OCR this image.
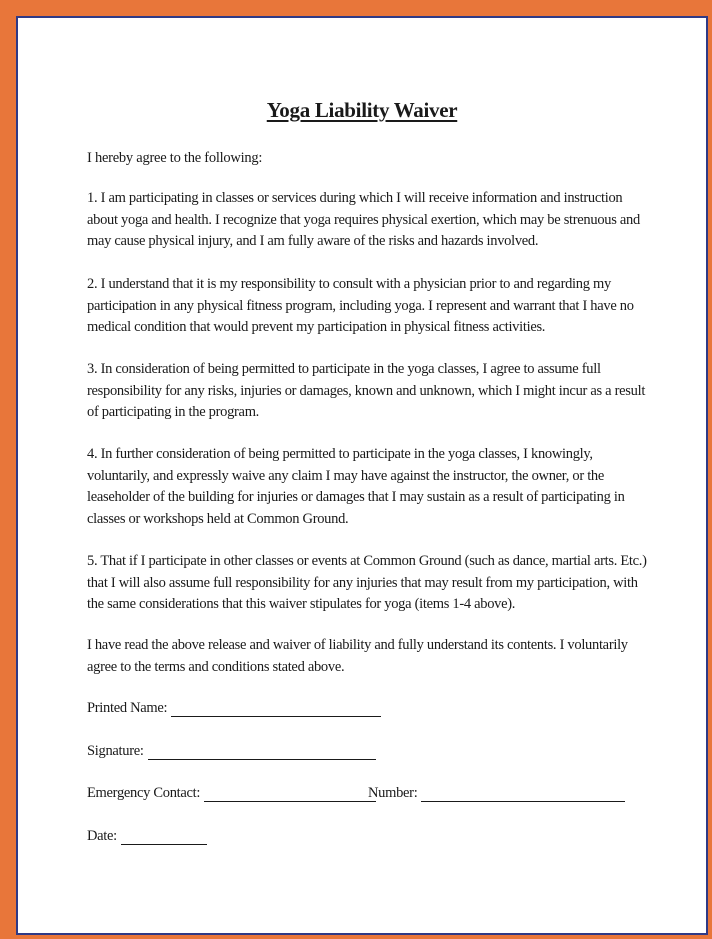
Yoga Liability Waiver
I hereby agree to the following:

1. I am participating in classes or services during which I will receive information and instruction about yoga and health. I recognize that yoga requires physical exertion, which may be strenuous and may cause physical injury, and I am fully aware of the risks and hazards involved.

2. I understand that it is my responsibility to consult with a physician prior to and regarding my participation in any physical fitness program, including yoga. I represent and warrant that I have no medical condition that would prevent my participation in physical fitness activities.

3. In consideration of being permitted to participate in the yoga classes, I agree to assume full responsibility for any risks, injuries or damages, known and unknown, which I might incur as a result of participating in the program.

4. In further consideration of being permitted to participate in the yoga classes, I knowingly, voluntarily, and expressly waive any claim I may have against the instructor, the owner, or the leaseholder of the building for injuries or damages that I may sustain as a result of participating in classes or workshops held at Common Ground.

5. That if I participate in other classes or events at Common Ground (such as dance, martial arts. Etc.) that I will also assume full responsibility for any injuries that may result from my participation, with the same considerations that this waiver stipulates for yoga (items 1-4 above).

I have read the above release and waiver of liability and fully understand its contents. I voluntarily agree to the terms and conditions stated above.

Printed Name:
Signature:
Emergency Contact:	Number:
Date:
